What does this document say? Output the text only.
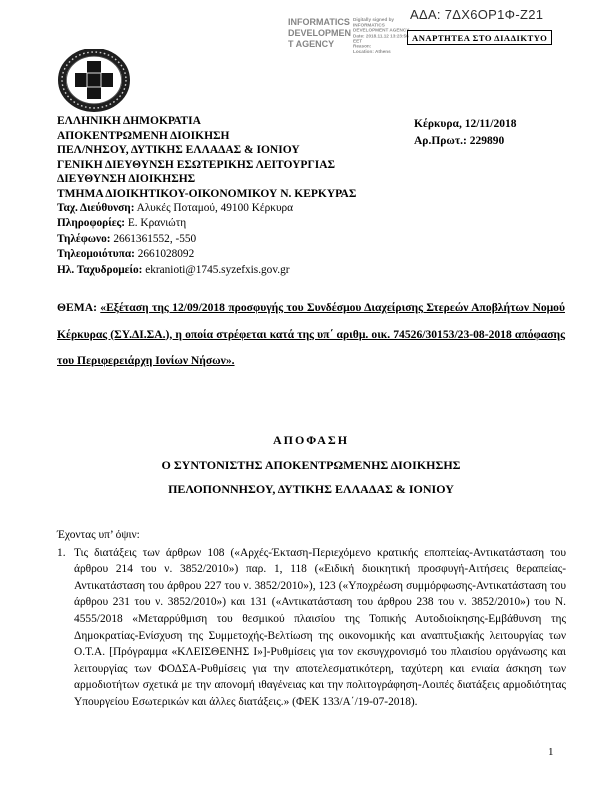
ΑΔΑ: 7ΔΧ6ΟΡ1Φ-Ζ21
INFORMATICS
DEVELOPMEN
T AGENCY
Digitally signed by
INFORMATICS
DEVELOPMENT AGENCY
Date: 2018.11.12 13:23:56
EET
Reason:
Location: Athens
ΑΝΑΡΤΗΤΕΑ ΣΤΟ ΔΙΑΔΙΚΤΥΟ
ΕΛΛΗΝΙΚΗ ΔΗΜΟΚΡΑΤΙΑ
ΑΠΟΚΕΝΤΡΩΜΕΝΗ ΔΙΟΙΚΗΣΗ
ΠΕΛ/ΝΗΣΟΥ, ΔΥΤΙΚΗΣ ΕΛΛΑΔΑΣ & ΙΟΝΙΟΥ
ΓΕΝΙΚΗ ΔΙΕΥΘΥΝΣΗ ΕΣΩΤΕΡΙΚΗΣ ΛΕΙΤΟΥΡΓΙΑΣ
ΔΙΕΥΘΥΝΣΗ ΔΙΟΙΚΗΣΗΣ
ΤΜΗΜΑ ΔΙΟΙΚΗΤΙΚΟΥ-ΟΙΚΟΝΟΜΙΚΟΥ Ν. ΚΕΡΚΥΡΑΣ
Κέρκυρα, 12/11/2018
Αρ.Πρωτ.: 229890
Ταχ. Διεύθυνση: Αλυκές Ποταμού, 49100 Κέρκυρα
Πληροφορίες: Ε. Κρανιώτη
Τηλέφωνο: 2661361552, -550
Τηλεομοιότυπα: 2661028092
Ηλ. Ταχυδρομείο: ekranioti@1745.syzefxis.gov.gr
ΘΕΜΑ: «Εξέταση της 12/09/2018 προσφυγής του Συνδέσμου Διαχείρισης Στερεών Αποβλήτων Νομού Κέρκυρας (ΣΥ.ΔΙ.ΣΑ.), η οποία στρέφεται κατά της υπ΄ αριθμ. οικ. 74526/30153/23-08-2018 απόφασης του Περιφερειάρχη Ιονίων Νήσων».
ΑΠΟΦΑΣΗ
Ο ΣΥΝΤΟΝΙΣΤΗΣ ΑΠΟΚΕΝΤΡΩΜΕΝΗΣ ΔΙΟΙΚΗΣΗΣ
ΠΕΛΟΠΟΝΝΗΣΟΥ, ΔΥΤΙΚΗΣ ΕΛΛΑΔΑΣ & ΙΟΝΙΟΥ
Έχοντας υπ’ όψιν:
1. Τις διατάξεις των άρθρων 108 («Αρχές-Έκταση-Περιεχόμενο κρατικής εποπτείας-Αντικατάσταση του άρθρου 214 του ν. 3852/2010») παρ. 1, 118 («Ειδική διοικητική προσφυγή-Αιτήσεις θεραπείας-Αντικατάσταση του άρθρου 227 του ν. 3852/2010»), 123 («Υποχρέωση συμμόρφωσης-Αντικατάσταση του άρθρου 231 του ν. 3852/2010») και 131 («Αντικατάσταση του άρθρου 238 του ν. 3852/2010») του Ν. 4555/2018 «Μεταρρύθμιση του θεσμικού πλαισίου της Τοπικής Αυτοδιοίκησης-Εμβάθυνση της Δημοκρατίας-Ενίσχυση της Συμμετοχής-Βελτίωση της οικονομικής και αναπτυξιακής λειτουργίας των Ο.Τ.Α. [Πρόγραμμα «ΚΛΕΙΣΘΕΝΗΣ Ι»]-Ρυθμίσεις για τον εκσυγχρονισμό του πλαισίου οργάνωσης και λειτουργίας των ΦΟΔΣΑ-Ρυθμίσεις για την αποτελεσματικότερη, ταχύτερη και ενιαία άσκηση των αρμοδιοτήτων σχετικά με την απονομή ιθαγένειας και την πολιτογράφηση-Λοιπές διατάξεις αρμοδιότητας Υπουργείου Εσωτερικών και άλλες διατάξεις.» (ΦΕΚ 133/Α΄/19-07-2018).
1
